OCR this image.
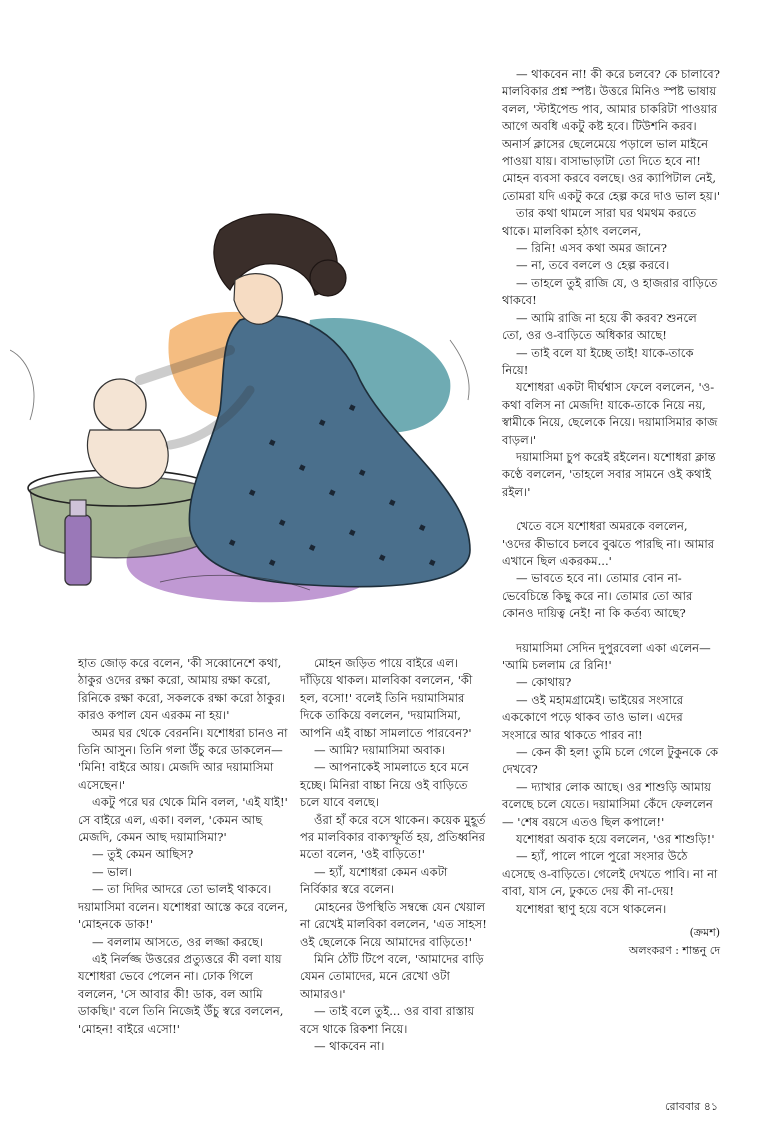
— থাকবেন না! কী করে চলবে? কে চালাবে? মালবিকার প্রশ্ন স্পষ্ট। উত্তরে মিনিও স্পষ্ট ভাষায় বলল, 'স্টাইপেন্ড পাব, আমার চাকরিটা পাওয়ার আগে অবধি একটু কষ্ট হবে। টিউশনি করব। অনার্স ক্লাসের ছেলেমেয়ে পড়ালে ভাল মাইনে পাওয়া যায়। বাসাভাড়াটা তো দিতে হবে না! মোহন ব্যবসা করবে বলছে। ওর ক্যাপিটাল নেই, তোমরা যদি একটু করে হেল্প করে দাও ভাল হয়।'

তার কথা থামলে সারা ঘর থমথম করতে থাকে। মালবিকা হঠাৎ বললেন,

— রিনি! এসব কথা অমর জানে?

— না, তবে বললে ও হেল্প করবে।

— তাহলে তুই রাজি যে, ও হাজরার বাড়িতে থাকবে!

— আমি রাজি না হয়ে কী করব? শুনলে তো, ওর ও-বাড়িতে অধিকার আছে!

— তাই বলে যা ইচ্ছে তাই! যাকে-তাকে নিয়ে!

যশোধরা একটা দীর্ঘশ্বাস ফেলে বললেন, 'ও-কথা বলিস না মেজদি! যাকে-তাকে নিয়ে নয়, স্বামীকে নিয়ে, ছেলেকে নিয়ে। দয়ামাসিমার কাজ বাড়ল।'

দয়ামাসিমা চুপ করেই রইলেন। যশোধরা ক্লান্ত কণ্ঠে বললেন, 'তাহলে সবার সামনে ওই কথাই রইল।'

খেতে বসে যশোধরা অমরকে বললেন, 'ওদের কীভাবে চলবে বুঝতে পারছি না। আমার এখানে ছিল একরকম...'

— ভাবতে হবে না। তোমার বোন না-ভেবেচিন্তে কিছু করে না। তোমার তো আর কোনও দায়িত্ব নেই! না কি কর্তব্য আছে?

দয়ামাসিমা সেদিন দুপুরবেলা একা এলেন— 'আমি চললাম রে রিনি!'

— কোথায়?

— ওই মহামগ্রামেই। ভাইয়ের সংসারে এককোণে পড়ে থাকব তাও ভাল। এদের সংসারে আর থাকতে পারব না!

— কেন কী হল! তুমি চলে গেলে টুকুনকে কে দেখবে?

— দ্যাখার লোক আছে। ওর শাশুড়ি আমায় বলেছে চলে যেতে। দয়ামাসিমা কেঁদে ফেললেন— 'শেষ বয়সে এতও ছিল কপালে!'

যশোধরা অবাক হয়ে বললেন, 'ওর শাশুড়ি!'

— হ্যাঁ, পালে পালে পুরো সংসার উঠে এসেছে ও-বাড়িতে। গেলেই দেখতে পাবি। না না বাবা, যাস নে, ঢুকতে দেয় কী না-দেয়!

যশোধরা স্থাণু হয়ে বসে থাকলেন।

(ক্রমশ)

অলংকরণ : শান্তনু দে

হাত জোড় করে বলেন, 'কী সব্বোনেশে কথা, ঠাকুর ওদের রক্ষা করো, আমায় রক্ষা করো, রিনিকে রক্ষা করো, সকলকে রক্ষা করো ঠাকুর। কারও কপাল যেন এরকম না হয়।'

অমর ঘর থেকে বেরননি। যশোধরা চানও না তিনি আসুন। তিনি গলা উঁচু করে ডাকলেন— 'মিনি! বাইরে আয়। মেজদি আর দয়ামাসিমা এসেছেন।'

একটু পরে ঘর থেকে মিনি বলল, 'এই যাই!' সে বাইরে এল, একা। বলল, 'কেমন আছ মেজদি, কেমন আছ দয়ামাসিমা?'

— তুই কেমন আছিস?

— ভাল।

— তা দিদির আদরে তো ভালই থাকবে। দয়ামাসিমা বলেন। যশোধরা আস্তে করে বলেন, 'মোহনকে ডাক!'

— বললাম আসতে, ওর লজ্জা করছে।

এই নির্লজ্জ উত্তরের প্রত্যুত্তরে কী বলা যায় যশোধরা ভেবে পেলেন না। ঢোক গিলে বললেন, 'সে আবার কী! ডাক, বল আমি ডাকছি।' বলে তিনি নিজেই উঁচু স্বরে বললেন, 'মোহন! বাইরে এসো!'

মোহন জড়িত পায়ে বাইরে এল। দাঁড়িয়ে থাকল। মালবিকা বললেন, 'কী হল, বসো!' বলেই তিনি দয়ামাসিমার দিকে তাকিয়ে বললেন, 'দয়ামাসিমা, আপনি এই বাচ্চা সামলাতে পারবেন?'

— আমি? দয়ামাসিমা অবাক।

— আপনাকেই সামলাতে হবে মনে হচ্ছে। মিনিরা বাচ্চা নিয়ে ওই বাড়িতে চলে যাবে বলছে।

ওঁরা হাঁ করে বসে থাকেন। কয়েক মুহূর্ত পর মালবিকার বাক্যস্ফূর্তি হয়, প্রতিধ্বনির মতো বলেন, 'ওই বাড়িতে!'

— হ্যাঁ, যশোধরা কেমন একটা নির্বিকার স্বরে বলেন।

মোহনের উপস্থিতি সম্বন্ধে যেন খেয়াল না রেখেই মালবিকা বললেন, 'এত সাহস! ওই ছেলেকে নিয়ে আমাদের বাড়িতে!'

মিনি ঠোঁট টিপে বলে, 'আমাদের বাড়ি যেমন তোমাদের, মনে রেখো ওটা আমারও।'

— তাই বলে তুই... ওর বাবা রাস্তায় বসে থাকে রিকশা নিয়ে।

— থাকবেন না।

রোববার ৪১
